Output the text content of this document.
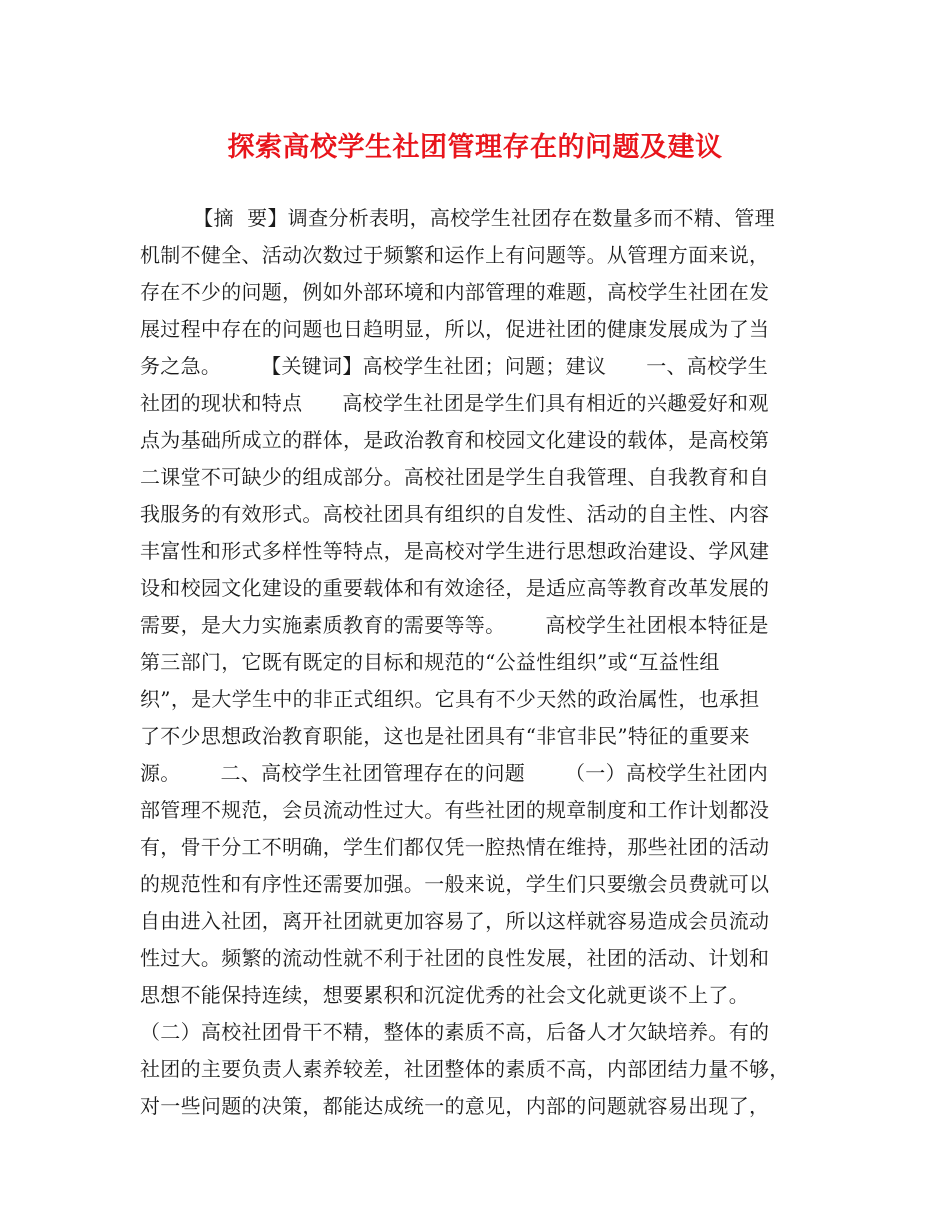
探索高校学生社团管理存在的问题及建议
【摘  要】调查分析表明，高校学生社团存在数量多而不精、管理
机制不健全、活动次数过于频繁和运作上有问题等。从管理方面来说，
存在不少的问题，例如外部环境和内部管理的难题，高校学生社团在发
展过程中存在的问题也日趋明显，所以，促进社团的健康发展成为了当
务之急。      【关键词】高校学生社团；问题；建议      一、高校学生
社团的现状和特点      高校学生社团是学生们具有相近的兴趣爱好和观
点为基础所成立的群体，是政治教育和校园文化建设的载体，是高校第
二课堂不可缺少的组成部分。高校社团是学生自我管理、自我教育和自
我服务的有效形式。高校社团具有组织的自发性、活动的自主性、内容
丰富性和形式多样性等特点，是高校对学生进行思想政治建设、学风建
设和校园文化建设的重要载体和有效途径，是适应高等教育改革发展的
需要，是大力实施素质教育的需要等等。      高校学生社团根本特征是
第三部门，它既有既定的目标和规范的“公益性组织”或“互益性组
织”，是大学生中的非正式组织。它具有不少天然的政治属性，也承担
了不少思想政治教育职能，这也是社团具有“非官非民”特征的重要来
源。      二、高校学生社团管理存在的问题      （一）高校学生社团内
部管理不规范，会员流动性过大。有些社团的规章制度和工作计划都没
有，骨干分工不明确，学生们都仅凭一腔热情在维持，那些社团的活动
的规范性和有序性还需要加强。一般来说，学生们只要缴会员费就可以
自由进入社团，离开社团就更加容易了，所以这样就容易造成会员流动
性过大。频繁的流动性就不利于社团的良性发展，社团的活动、计划和
思想不能保持连续，想要累积和沉淀优秀的社会文化就更谈不上了。
（二）高校社团骨干不精，整体的素质不高，后备人才欠缺培养。有的
社团的主要负责人素养较差，社团整体的素质不高，内部团结力量不够，
对一些问题的决策，都能达成统一的意见，内部的问题就容易出现了，
